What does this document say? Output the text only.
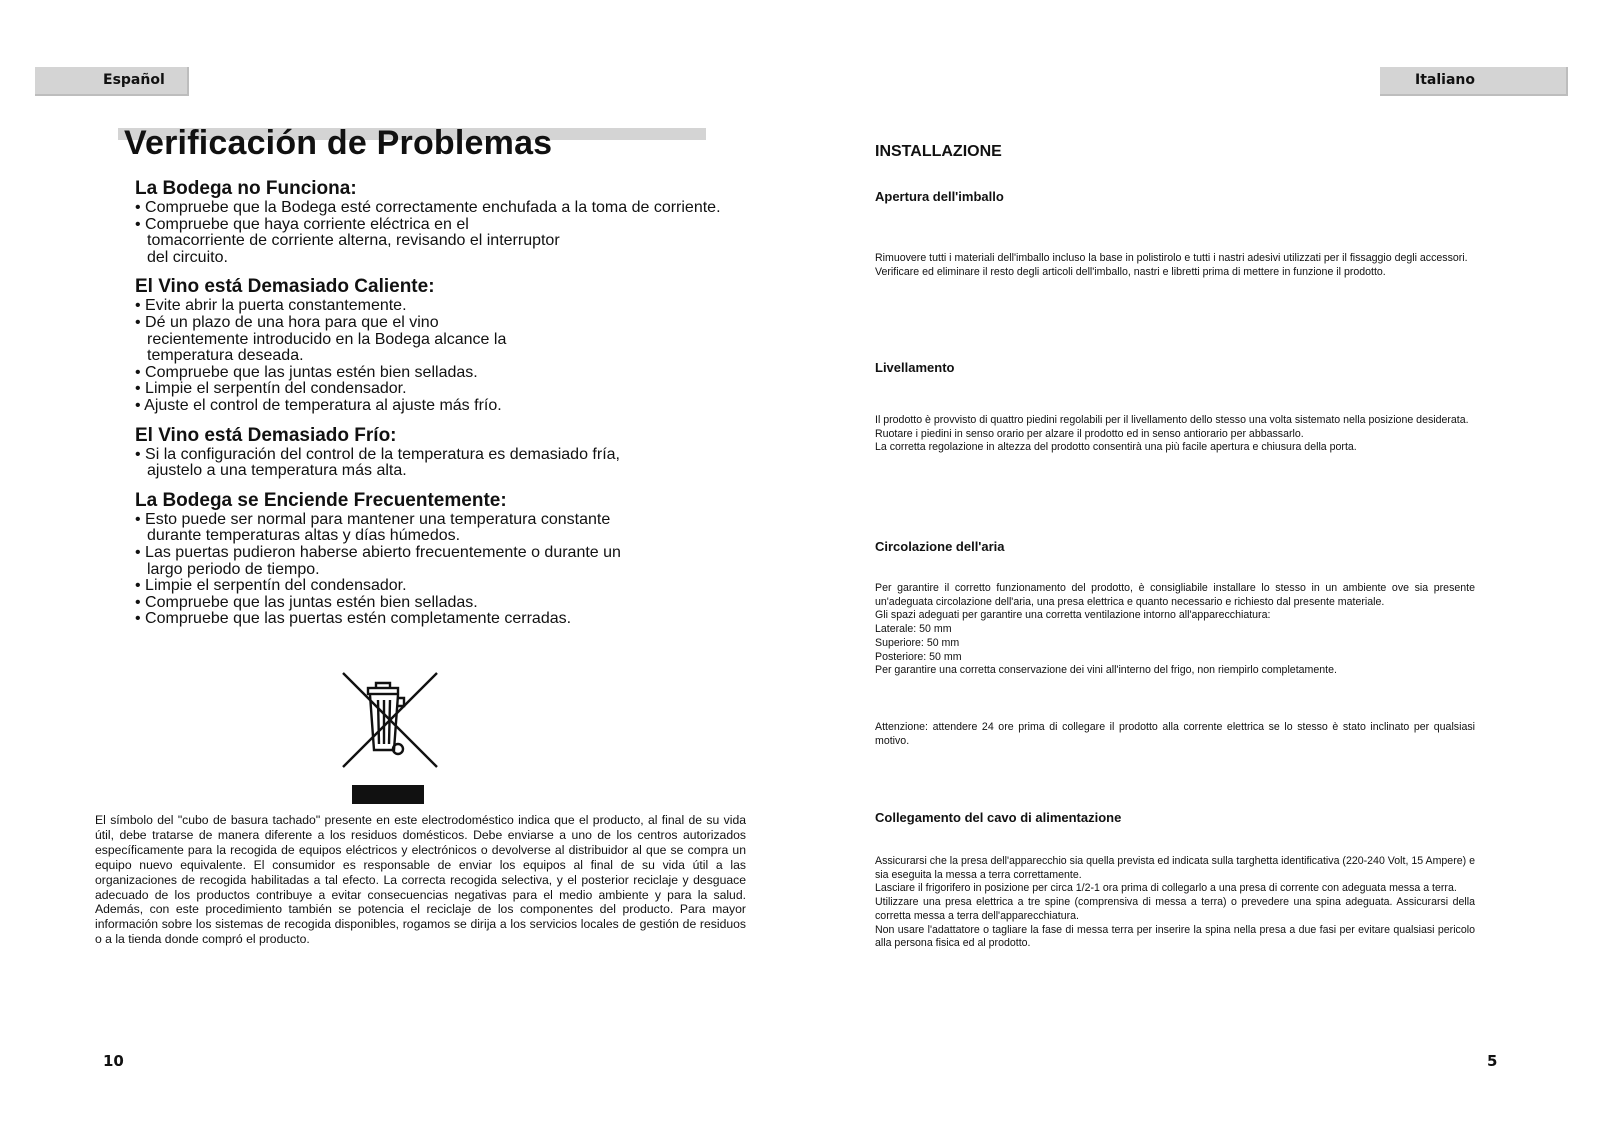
Español	Italiano
Verificación de Problemas
La Bodega no Funciona:
• Compruebe que la Bodega esté correctamente enchufada a la toma de corriente.
• Compruebe que haya corriente eléctrica en el tomacorriente de corriente alterna, revisando el interruptor del circuito.
El Vino está Demasiado Caliente:
• Evite abrir la puerta constantemente.
• Dé un plazo de una hora para que el vino recientemente introducido en la Bodega alcance la temperatura deseada.
• Compruebe que las juntas estén bien selladas.
• Limpie el serpentín del condensador.
• Ajuste el control de temperatura al ajuste más frío.
El Vino está Demasiado Frío:
• Si la configuración del control de la temperatura es demasiado fría, ajustelo a una temperatura más alta.
La Bodega se Enciende Frecuentemente:
• Esto puede ser normal para mantener una temperatura constante durante temperaturas altas y días húmedos.
• Las puertas pudieron haberse abierto frecuentemente o durante un largo periodo de tiempo.
• Limpie el serpentín del condensador.
• Compruebe que las juntas estén bien selladas.
• Compruebe que las puertas estén completamente cerradas.

El símbolo del "cubo de basura tachado" presente en este electrodoméstico indica que el producto, al final de su vida útil, debe tratarse de manera diferente a los residuos domésticos. Debe enviarse a uno de los centros autorizados específicamente para la recogida de equipos eléctricos y electrónicos o devolverse al distribuidor al que se compra un equipo nuevo equivalente. El consumidor es responsable de enviar los equipos al final de su vida útil a las organizaciones de recogida habilitadas a tal efecto. La correcta recogida selectiva, y el posterior reciclaje y desguace adecuado de los productos contribuye a evitar consecuencias negativas para el medio ambiente y para la salud. Además, con este procedimiento también se potencia el reciclaje de los componentes del producto. Para mayor información sobre los sistemas de recogida disponibles, rogamos se dirija a los servicios locales de gestión de residuos o a la tienda donde compró el producto.

INSTALLAZIONE
Apertura dell'imballo

Rimuovere tutti i materiali dell'imballo incluso la base in polistirolo e tutti i nastri adesivi utilizzati per il fissaggio degli accessori.
Verificare ed eliminare il resto degli articoli dell'imballo, nastri e libretti prima di mettere in funzione il prodotto.

Livellamento

Il prodotto è provvisto di quattro piedini regolabili per il livellamento dello stesso una volta sistemato nella posizione desiderata.
Ruotare i piedini in senso orario per alzare il prodotto ed in senso antiorario per abbassarlo.
La corretta regolazione in altezza del prodotto consentirà una più facile apertura e chiusura della porta.

Circolazione dell'aria

Per garantire il corretto funzionamento del prodotto, è consigliabile installare lo stesso in un ambiente ove sia presente un'adeguata circolazione dell'aria, una presa elettrica e quanto necessario e richiesto dal presente materiale.
Gli spazi adeguati per garantire una corretta ventilazione intorno all'apparecchiatura:
Laterale: 50 mm
Superiore: 50 mm
Posteriore: 50 mm
Per garantire una corretta conservazione dei vini all'interno del frigo, non riempirlo completamente.

Attenzione: attendere 24 ore prima di collegare il prodotto alla corrente elettrica se lo stesso è stato inclinato per qualsiasi motivo.

Collegamento del cavo di alimentazione

Assicurarsi che la presa dell'apparecchio sia quella prevista ed indicata sulla targhetta identificativa (220-240 Volt, 15 Ampere) e sia eseguita la messa a terra correttamente.
Lasciare il frigorifero in posizione per circa 1/2-1 ora prima di collegarlo a una presa di corrente con adeguata messa a terra.
Utilizzare una presa elettrica a tre spine (comprensiva di messa a terra) o prevedere una spina adeguata. Assicurarsi della corretta messa a terra dell'apparecchiatura.
Non usare l'adattatore o tagliare la fase di messa terra per inserire la spina nella presa a due fasi per evitare qualsiasi pericolo alla persona fisica ed al prodotto.

10	5
